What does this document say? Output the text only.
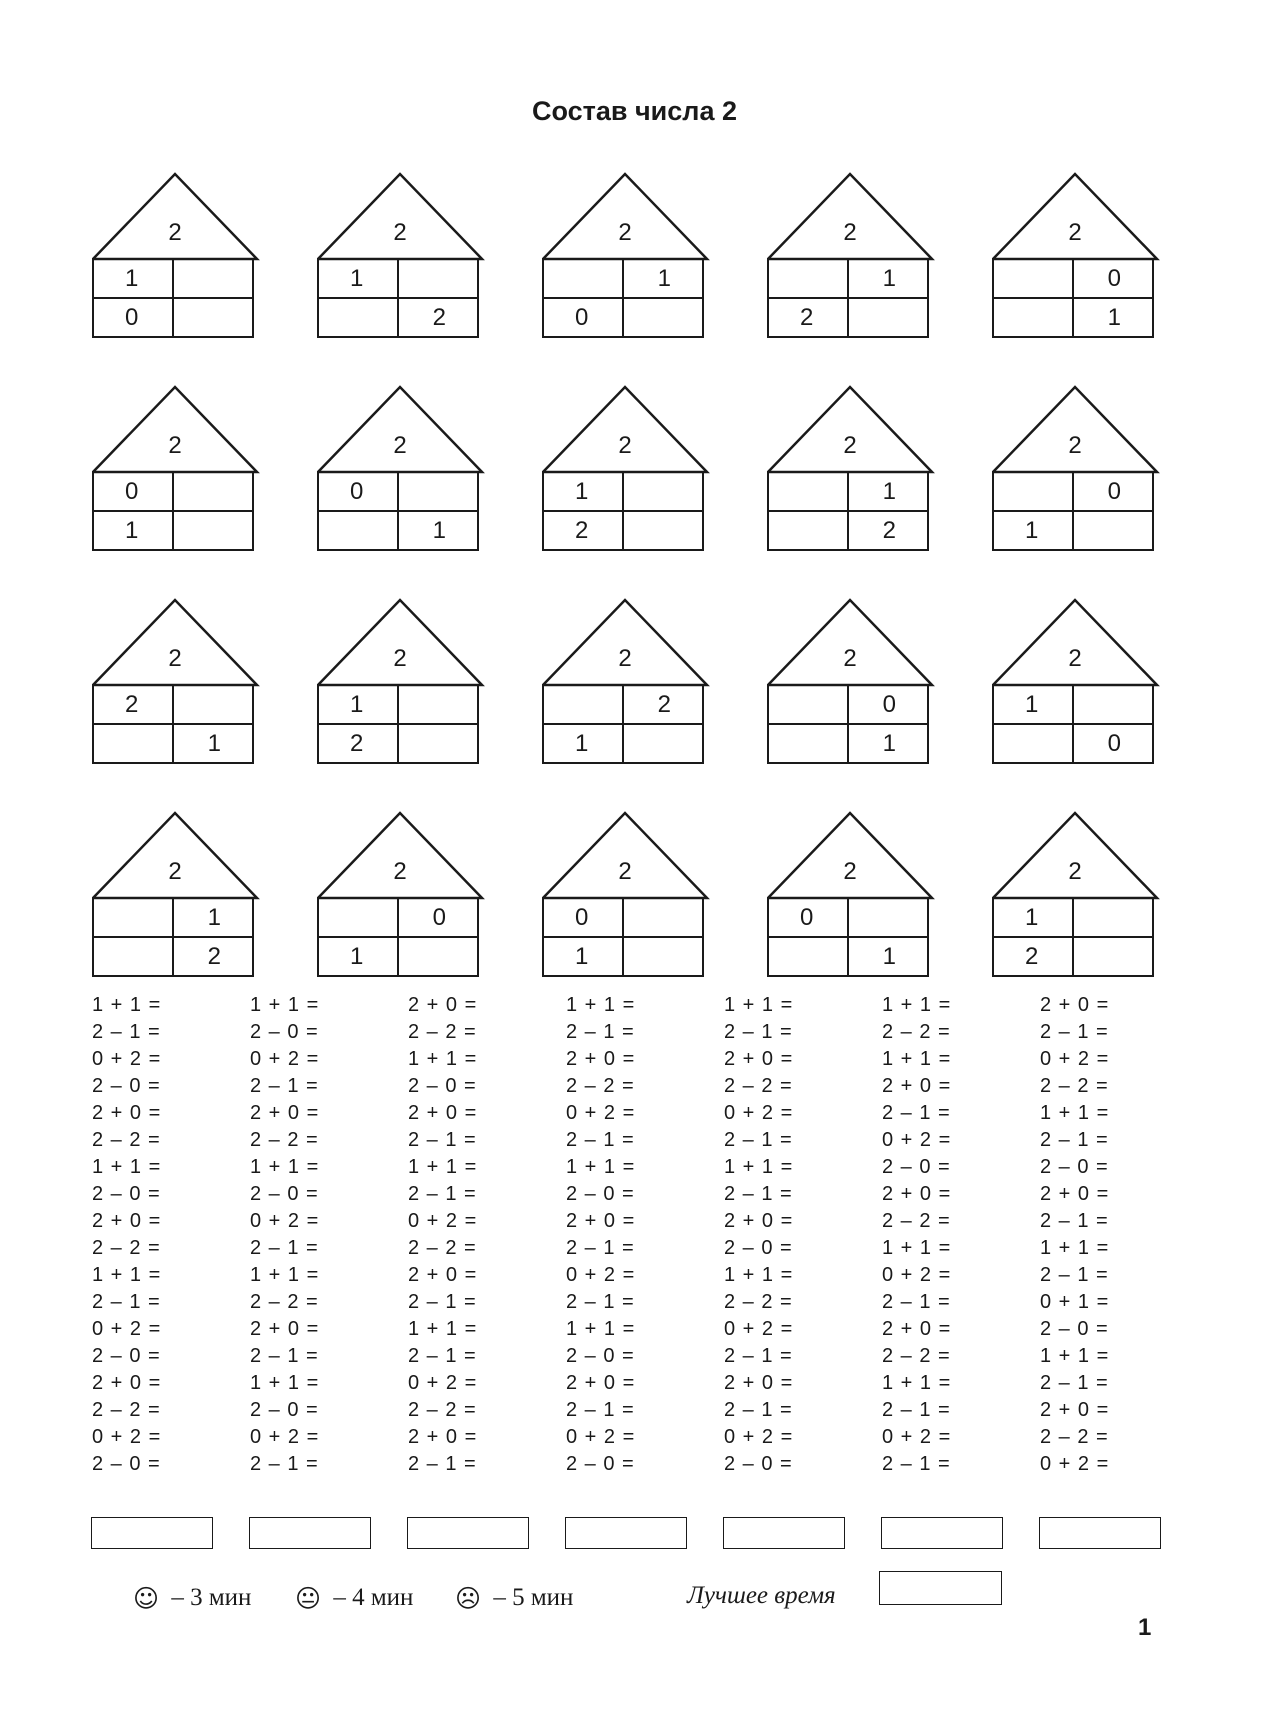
Состав числа 2
2
1
0
2
1
2
2
1
0
2
1
2
2
0
1
2
0
1
2
0
1
2
1
2
2
1
2
2
0
1
2
2
1
2
1
2
2
2
1
2
0
1
2
1
0
2
1
2
2
0
1
2
0
1
2
0
1
2
1
2
1 + 1 =
2 – 1 =
0 + 2 =
2 – 0 =
2 + 0 =
2 – 2 =
1 + 1 =
2 – 0 =
2 + 0 =
2 – 2 =
1 + 1 =
2 – 1 =
0 + 2 =
2 – 0 =
2 + 0 =
2 – 2 =
0 + 2 =
2 – 0 =
1 + 1 =
2 – 0 =
0 + 2 =
2 – 1 =
2 + 0 =
2 – 2 =
1 + 1 =
2 – 0 =
0 + 2 =
2 – 1 =
1 + 1 =
2 – 2 =
2 + 0 =
2 – 1 =
1 + 1 =
2 – 0 =
0 + 2 =
2 – 1 =
2 + 0 =
2 – 2 =
1 + 1 =
2 – 0 =
2 + 0 =
2 – 1 =
1 + 1 =
2 – 1 =
0 + 2 =
2 – 2 =
2 + 0 =
2 – 1 =
1 + 1 =
2 – 1 =
0 + 2 =
2 – 2 =
2 + 0 =
2 – 1 =
1 + 1 =
2 – 1 =
2 + 0 =
2 – 2 =
0 + 2 =
2 – 1 =
1 + 1 =
2 – 0 =
2 + 0 =
2 – 1 =
0 + 2 =
2 – 1 =
1 + 1 =
2 – 0 =
2 + 0 =
2 – 1 =
0 + 2 =
2 – 0 =
1 + 1 =
2 – 1 =
2 + 0 =
2 – 2 =
0 + 2 =
2 – 1 =
1 + 1 =
2 – 1 =
2 + 0 =
2 – 0 =
1 + 1 =
2 – 2 =
0 + 2 =
2 – 1 =
2 + 0 =
2 – 1 =
0 + 2 =
2 – 0 =
1 + 1 =
2 – 2 =
1 + 1 =
2 + 0 =
2 – 1 =
0 + 2 =
2 – 0 =
2 + 0 =
2 – 2 =
1 + 1 =
0 + 2 =
2 – 1 =
2 + 0 =
2 – 2 =
1 + 1 =
2 – 1 =
0 + 2 =
2 – 1 =
2 + 0 =
2 – 1 =
0 + 2 =
2 – 2 =
1 + 1 =
2 – 1 =
2 – 0 =
2 + 0 =
2 – 1 =
1 + 1 =
2 – 1 =
0 + 1 =
2 – 0 =
1 + 1 =
2 – 1 =
2 + 0 =
2 – 2 =
0 + 2 =
☺ – 3 мин 😐 – 4 мин ☹ – 5 мин	Лучшее время
1
